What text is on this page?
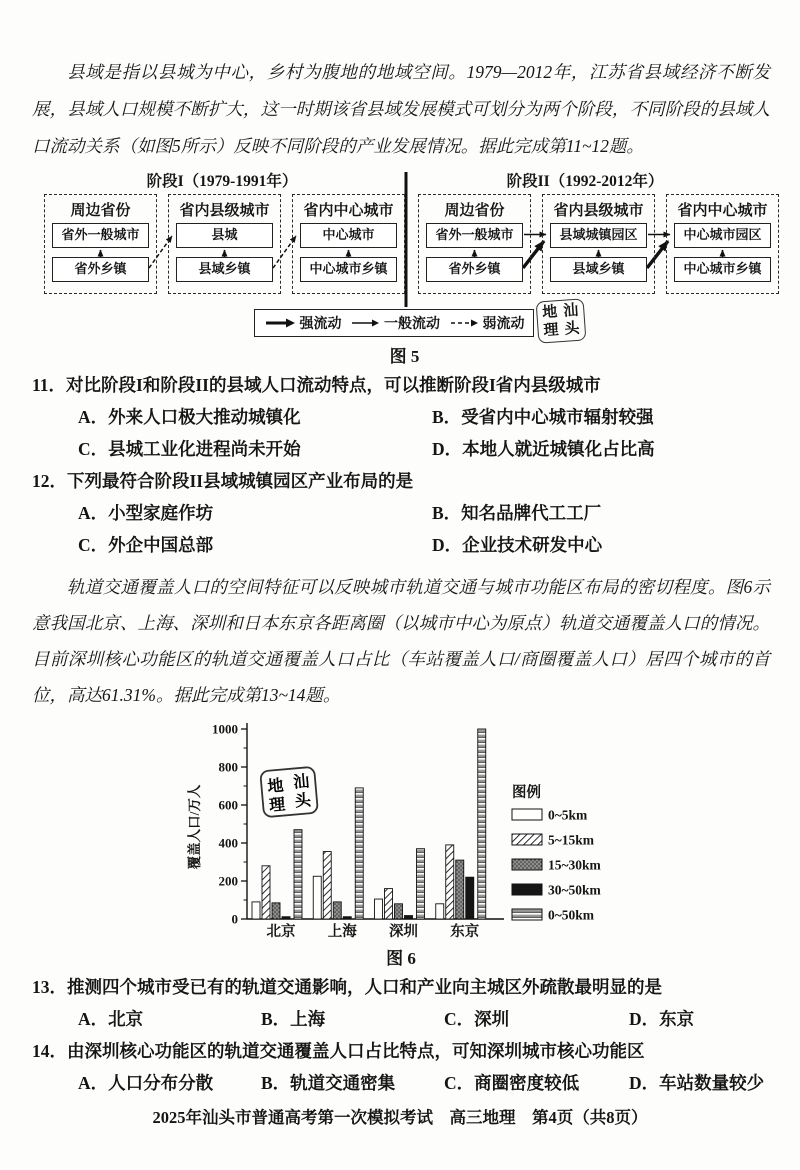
县域是指以县城为中心，乡村为腹地的地域空间。1979—2012年，江苏省县域经济不断发展，县域人口规模不断扩大，这一时期该省县域发展模式可划分为两个阶段，不同阶段的县域人口流动关系（如图5所示）反映不同阶段的产业发展情况。据此完成第11~12题。

阶段I（1979-1991年）	阶段II（1992-2012年）
周边省份
省外一般城市
省外乡镇
省内县级城市
县城
县域乡镇
省内中心城市
中心城市
中心城市乡镇
周边省份
省外一般城市
省外乡镇
省内县级城市
县域城镇园区
县域乡镇
省内中心城市
中心城市园区
中心城市乡镇
强流动	一般流动	弱流动
地 汕
理 头
图 5
11．对比阶段I和阶段II的县域人口流动特点，可以推断阶段I省内县级城市
A．外来人口极大推动城镇化	B．受省内中心城市辐射较强
C．县城工业化进程尚未开始	D．本地人就近城镇化占比高
12．下列最符合阶段II县域城镇园区产业布局的是
A．小型家庭作坊	B．知名品牌代工工厂
C．外企中国总部	D．企业技术研发中心

轨道交通覆盖人口的空间特征可以反映城市轨道交通与城市功能区布局的密切程度。图6示意我国北京、上海、深圳和日本东京各距离圈（以城市中心为原点）轨道交通覆盖人口的情况。目前深圳核心功能区的轨道交通覆盖人口占比（车站覆盖人口/商圈覆盖人口）居四个城市的首位，高达61.31%。据此完成第13~14题。

0
200
400
600
800
1000
覆盖人口/万人
北京 上海 深圳 东京
图例
0~5km
5~15km
15~30km
30~50km
0~50km
地 汕
理 头
图 6
13．推测四个城市受已有的轨道交通影响，人口和产业向主城区外疏散最明显的是
A．北京	B．上海	C．深圳	D．东京
14．由深圳核心功能区的轨道交通覆盖人口占比特点，可知深圳城市核心功能区
A．人口分布分散	B．轨道交通密集	C．商圈密度较低	D．车站数量较少
2025年汕头市普通高考第一次模拟考试　高三地理　第4页（共8页）
